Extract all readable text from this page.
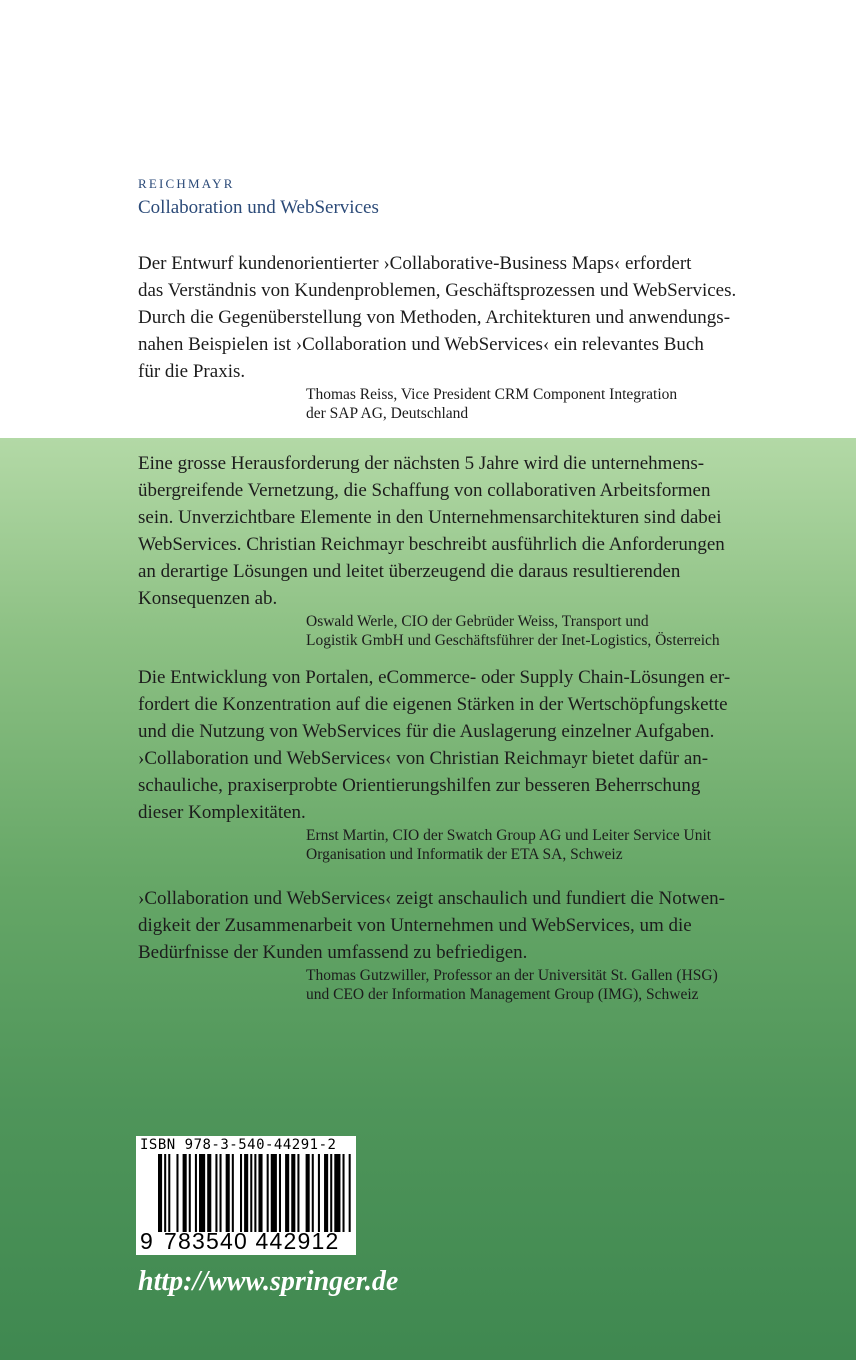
REICHMAYR
Collaboration und WebServices

Der Entwurf kundenorientierter ›Collaborative-Business Maps‹ erfordert
das Verständnis von Kundenproblemen, Geschäftsprozessen und WebServices.
Durch die Gegenüberstellung von Methoden, Architekturen und anwendungs-
nahen Beispielen ist ›Collaboration und WebServices‹ ein relevantes Buch
für die Praxis.

Thomas Reiss, Vice President CRM Component Integration
der SAP AG, Deutschland

Eine grosse Herausforderung der nächsten 5 Jahre wird die unternehmens-
übergreifende Vernetzung, die Schaffung von collaborativen Arbeitsformen
sein. Unverzichtbare Elemente in den Unternehmensarchitekturen sind dabei
WebServices. Christian Reichmayr beschreibt ausführlich die Anforderungen
an derartige Lösungen und leitet überzeugend die daraus resultierenden
Konsequenzen ab.

Oswald Werle, CIO der Gebrüder Weiss, Transport und
Logistik GmbH und Geschäftsführer der Inet-Logistics, Österreich

Die Entwicklung von Portalen, eCommerce- oder Supply Chain-Lösungen er-
fordert die Konzentration auf die eigenen Stärken in der Wertschöpfungskette
und die Nutzung von WebServices für die Auslagerung einzelner Aufgaben.
›Collaboration und WebServices‹ von Christian Reichmayr bietet dafür an-
schauliche, praxiserprobte Orientierungshilfen zur besseren Beherrschung
dieser Komplexitäten.

Ernst Martin, CIO der Swatch Group AG und Leiter Service Unit
Organisation und Informatik der ETA SA, Schweiz

›Collaboration und WebServices‹ zeigt anschaulich und fundiert die Notwen-
digkeit der Zusammenarbeit von Unternehmen und WebServices, um die
Bedürfnisse der Kunden umfassend zu befriedigen.

Thomas Gutzwiller, Professor an der Universität St. Gallen (HSG)
und CEO der Information Management Group (IMG), Schweiz

ISBN 978-3-540-44291-2
9 783540 442912
http://www.springer.de
